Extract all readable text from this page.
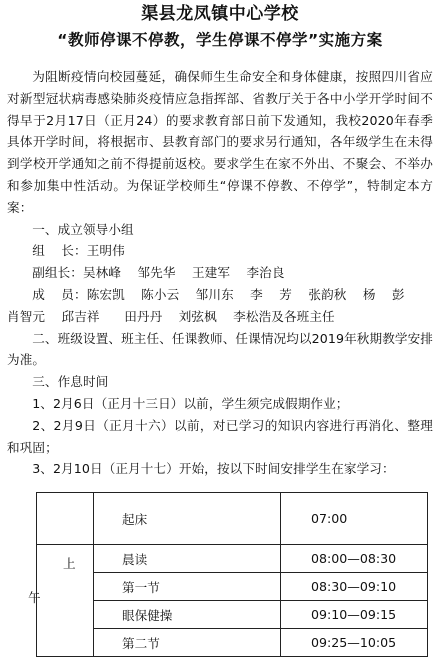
渠县龙凤镇中心学校
“教师停课不停教，学生停课不停学”实施方案

为阻断疫情向校园蔓延，确保师生生命安全和身体健康，按照四川省应对新型冠状病毒感染肺炎疫情应急指挥部、省教厅关于各中小学开学时间不得早于2月17日（正月24）的要求教育部日前下发通知，我校2020年春季具体开学时间，将根据市、县教育部门的要求另行通知，各年级学生在未得到学校开学通知之前不得提前返校。要求学生在家不外出、不聚会、不举办和参加集中性活动。为保证学校师生“停课不停教、不停学”，特制定本方案：

一、成立领导小组

组    长：王明伟

副组长：吴林峰    邹先华    王建军    李治良

成    员：陈宏凯    陈小云    邹川东    李    芳    张韵秋    杨    彭

肖智元    邱吉祥      田丹丹    刘弦枫    李松浩及各班主任

二、班级设置、班主任、任课教师、任课情况均以2019年秋期教学安排为准。

三、作息时间

1、2月6日（正月十三日）以前，学生须完成假期作业；

2、2月9日（正月十六）以前，对已学习的知识内容进行再消化、整理和巩固；

3、2月10日（正月十七）开始，按以下时间安排学生在家学习：

	起床	07:00

上	晨读	08:00—08:30
	第一节	08:30—09:10
	眼保健操	09:10—09:15
	第二节	09:25—10:05
午
